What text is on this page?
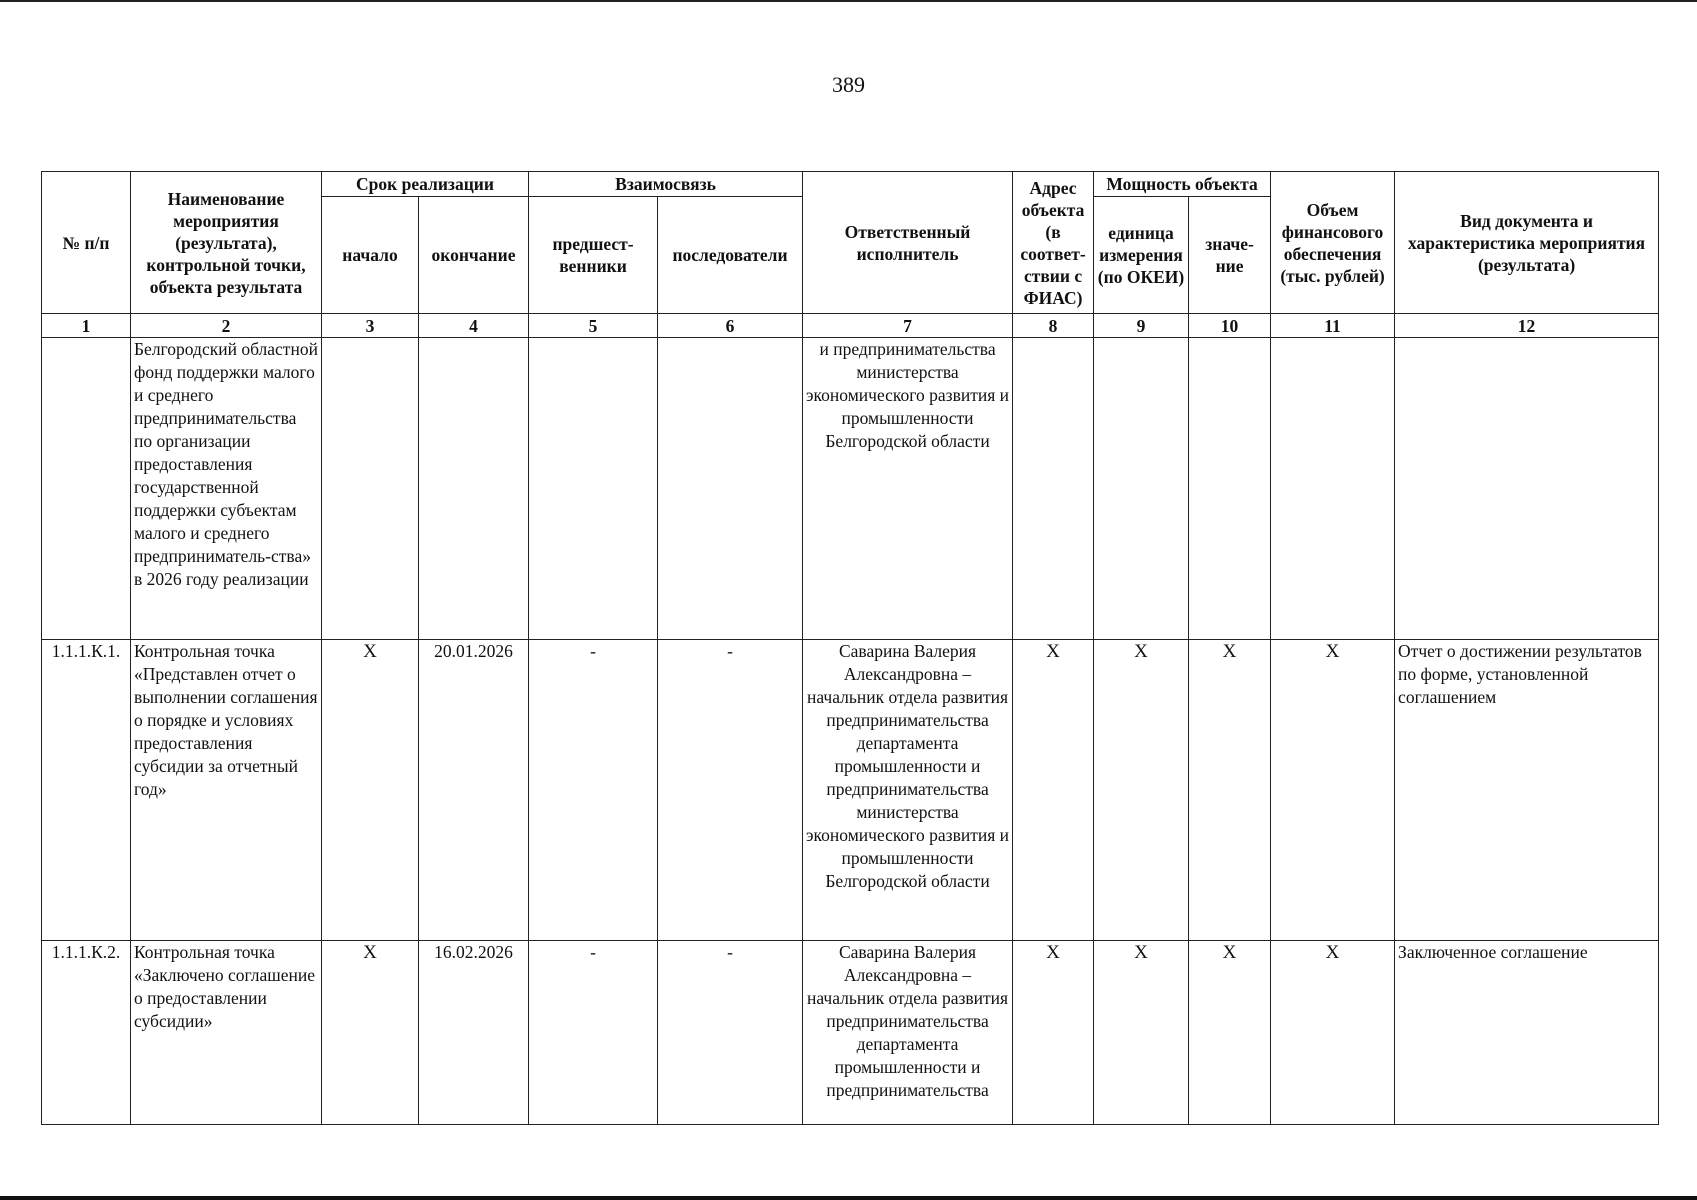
389
№ п/п	Наименование мероприятия (результата), контрольной точки, объекта результата	Срок реализации		Взаимосвязь		Ответственный исполнитель	Адрес объекта (в соответ-ствии с ФИАС)	Мощность объекта		Объем финансового обеспечения (тыс. рублей)	Вид документа и характеристика мероприятия (результата)
		начало	окончание	предшест-венники	последователи			единица измерения (по ОКЕИ)	значе-ние		
1	2	3	4	5	6	7	8	9	10	11	12
	Белгородский областной фонд поддержки малого и среднего предпринимательства по организации предоставления государственной поддержки субъектам малого и среднего предприниматель-ства» в 2026 году реализации					и предпринимательства министерства экономического развития и промышленности Белгородской области					
1.1.1.К.1.	Контрольная точка «Представлен отчет о выполнении соглашения о порядке и условиях предоставления субсидии за отчетный год»	X	20.01.2026	-	-	Саварина Валерия Александровна – начальник отдела развития предпринимательства департамента промышленности и предпринимательства министерства экономического развития и промышленности Белгородской области	X	X	X	X	Отчет о достижении результатов по форме, установленной соглашением
1.1.1.К.2.	Контрольная точка «Заключено соглашение о предоставлении субсидии»	X	16.02.2026	-	-	Саварина Валерия Александровна – начальник отдела развития предпринимательства департамента промышленности и предпринимательства	X	X	X	X	Заключенное соглашение
